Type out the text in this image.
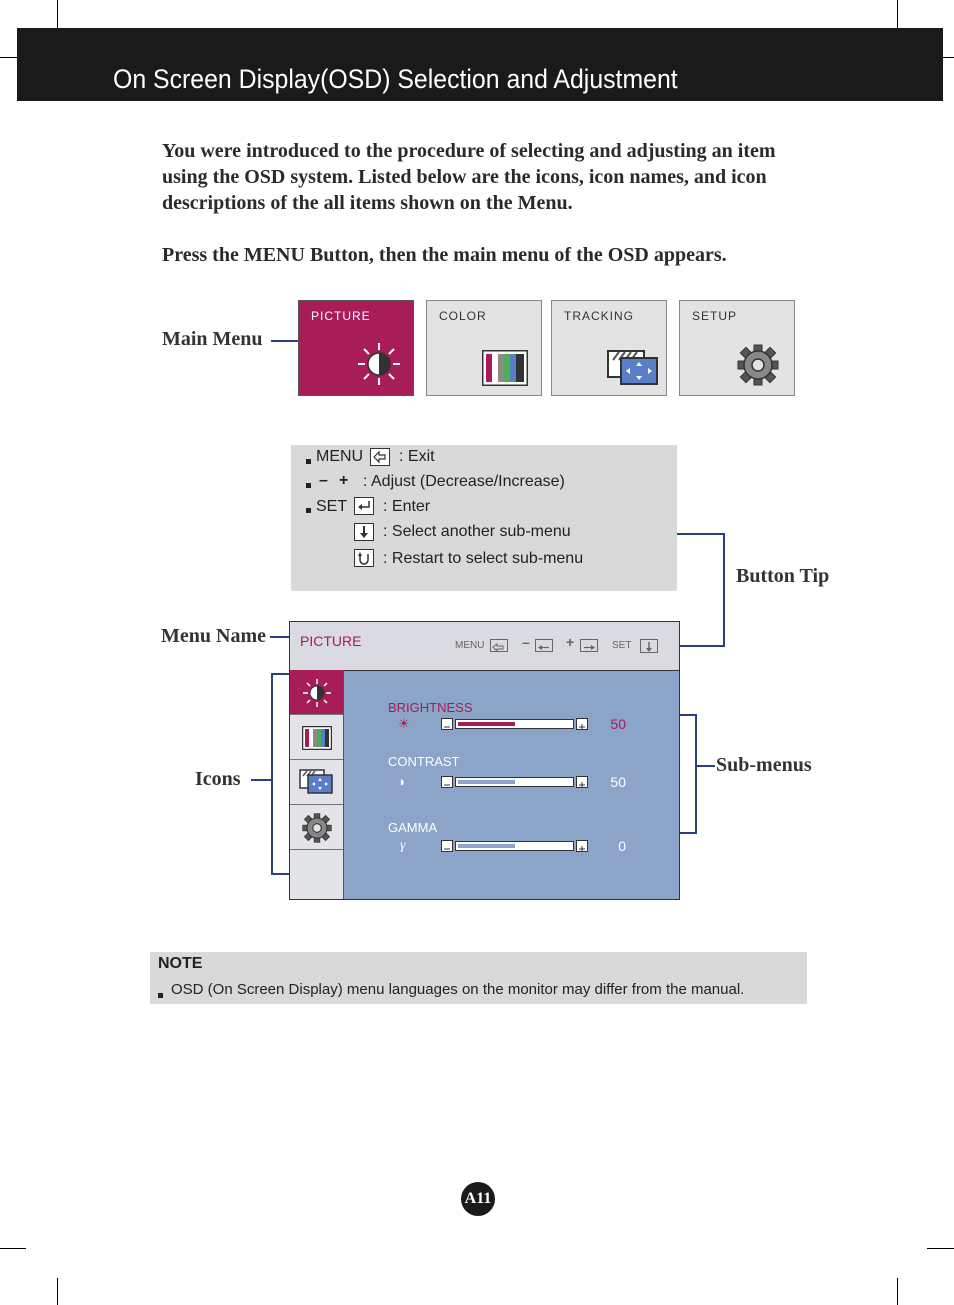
On Screen Display(OSD) Selection and Adjustment
You were introduced to the procedure of selecting and adjusting an item using the OSD system. Listed below are the icons, icon names, and icon descriptions of the all items shown on the Menu.
Press the MENU Button, then the main menu of the OSD appears.
Main Menu
PICTURE	COLOR	TRACKING	SETUP
MENU : Exit
– + : Adjust (Decrease/Increase)
SET : Enter
: Select another sub-menu
: Restart to select sub-menu
Button Tip
Menu Name
Icons
Sub-menus
PICTURE	MENU	–	+	SET
BRIGHTNESS
☀	50
CONTRAST
◑	50
GAMMA
γ	0
NOTE
OSD (On Screen Display) menu languages on the monitor may differ from the manual.
A11
